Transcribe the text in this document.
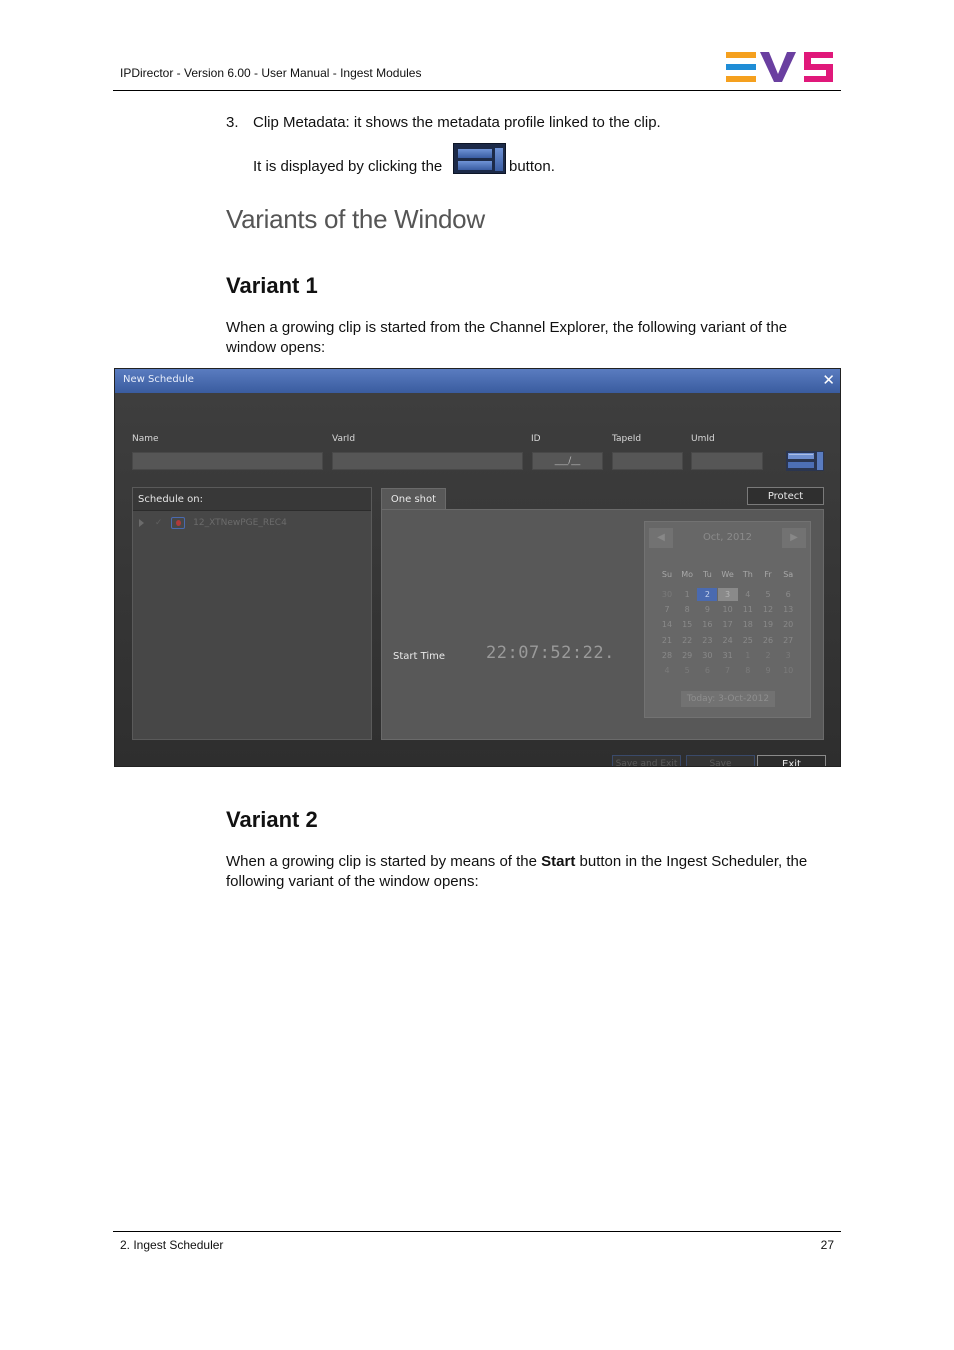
IPDirector - Version 6.00 - User Manual - Ingest Modules
3. Clip Metadata: it shows the metadata profile linked to the clip.
It is displayed by clicking the	button.
Variants of the Window
Variant 1
When a growing clip is started from the Channel Explorer, the following variant of the
window opens:
New Schedule	✕
Name	VarId	ID	TapeId	UmId
___/__
Schedule on:
✓	12_XTNewPGE_REC4
One shot	Protect
Start Time 22:07:52:22.
◀	Oct, 2012	▶
Su	Mo	Tu	We	Th	Fr	Sa
30	1	2	3	4	5	6
7	8	9	10	11	12	13
14	15	16	17	18	19	20
21	22	23	24	25	26	27
28	29	30	31	1	2	3
4	5	6	7	8	9	10
Today: 3-Oct-2012
Save and Exit	Save	Exit
Variant 2
When a growing clip is started by means of the Start button in the Ingest Scheduler, the
following variant of the window opens:
2. Ingest Scheduler	27
